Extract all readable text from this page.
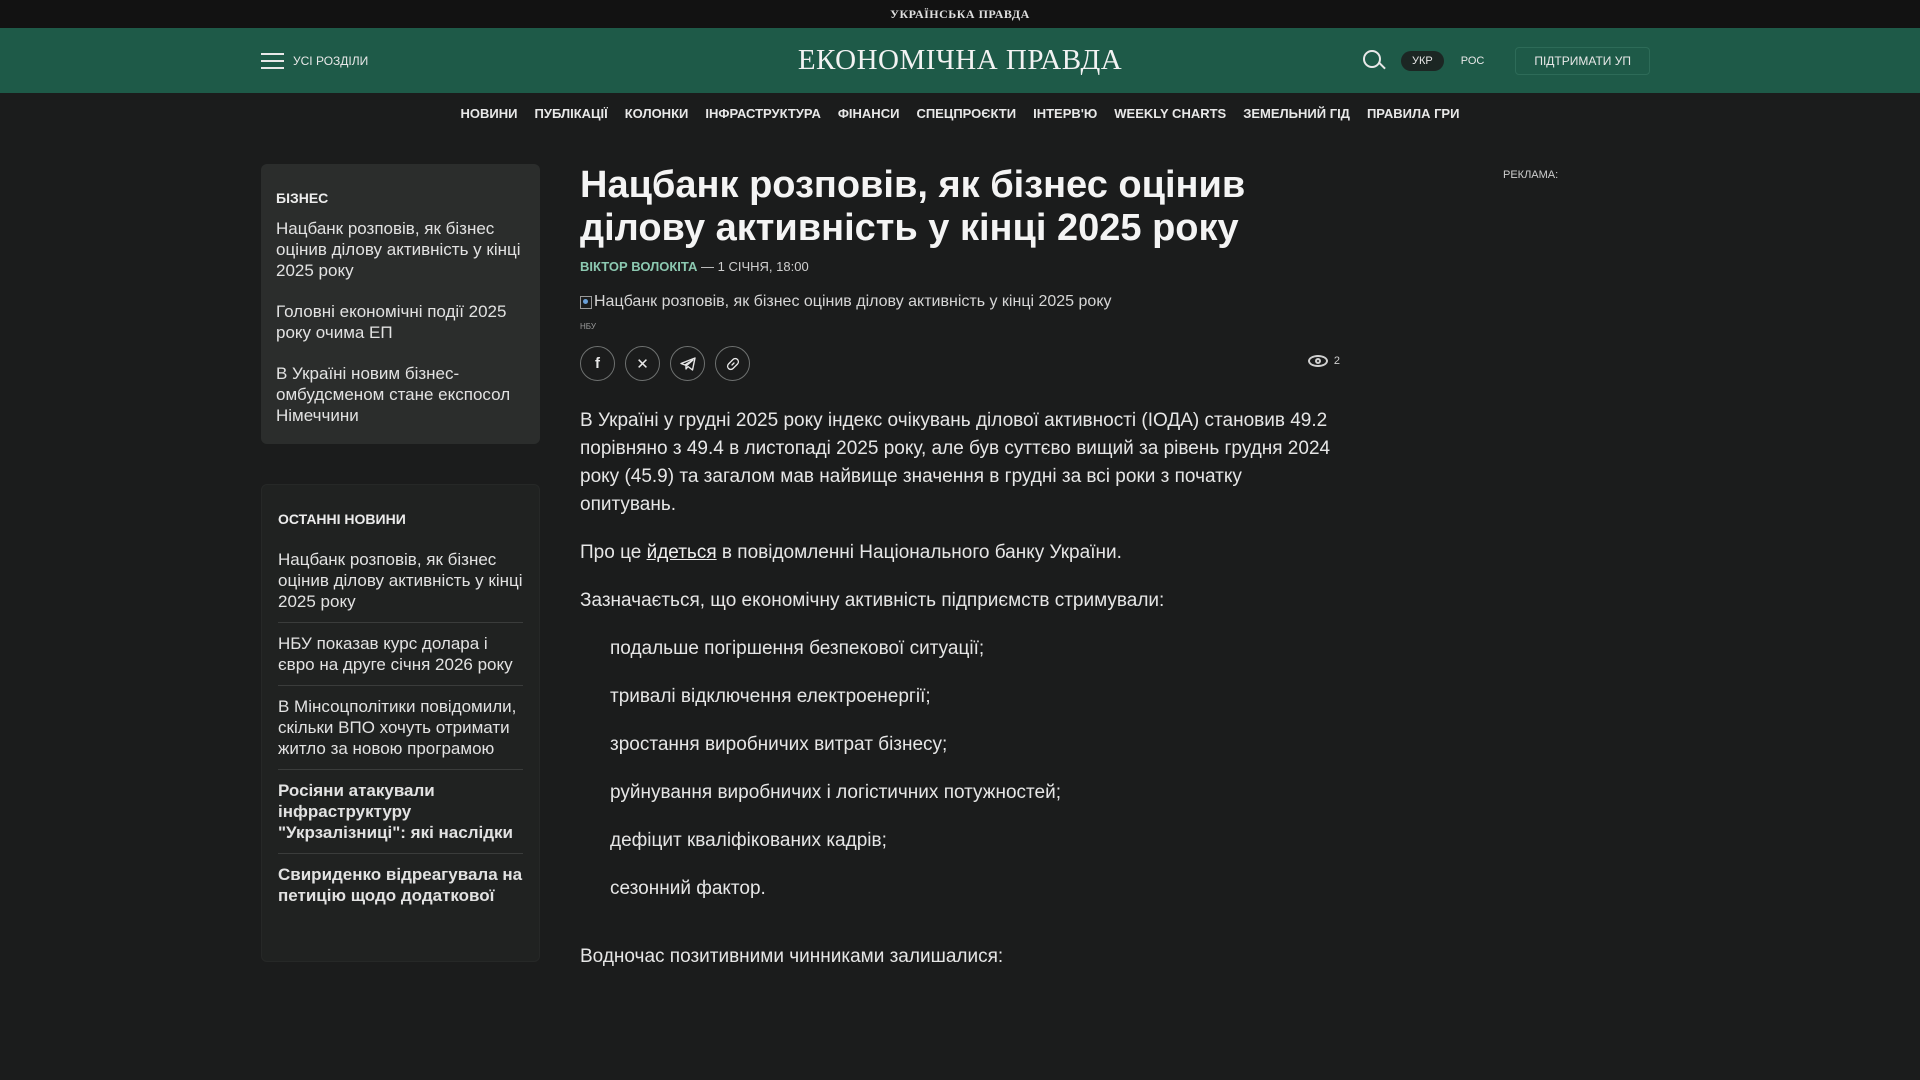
УКРАЇНСЬКА ПРАВДА
УСІ РОЗДІЛИ	ЕКОНОМІЧНА ПРАВДА	УКР	РОС	ПІДТРИМАТИ УП
НОВИНИ ПУБЛІКАЦІЇ КОЛОНКИ ІНФРАСТРУКТУРА ФІНАНСИ СПЕЦПРОЄКТИ ІНТЕРВ'Ю WEEKLY CHARTS ЗЕМЕЛЬНИЙ ГІД ПРАВИЛА ГРИ
БІЗНЕС
Нацбанк розповів, як бізнес оцінив ділову активність у кінці 2025 року
Головні економічні події 2025 року очима ЕП
В Україні новим бізнес-омбудсменом стане експосол Німеччини
ОСТАННІ НОВИНИ
Нацбанк розповів, як бізнес оцінив ділову активність у кінці 2025 року
НБУ показав курс долара і євро на друге січня 2026 року
В Мінсоцполітики повідомили, скільки ВПО хочуть отримати житло за новою програмою
Росіяни атакували інфраструктуру "Укрзалізниці": які наслідки
Свириденко відреагувала на петицію щодо додаткової
Нацбанк розповів, як бізнес оцінив ділову активність у кінці 2025 року
ВІКТОР ВОЛОКІТА — 1 СІЧНЯ, 18:00
Нацбанк розповів, як бізнес оцінив ділову активність у кінці 2025 року
НБУ
f	✕	2

В Україні у грудні 2025 року індекс очікувань ділової активності (ІОДА) становив 49.2 порівняно з 49.4 в листопаді 2025 року, але був суттєво вищий за рівень грудня 2024 року (45.9) та загалом мав найвище значення в грудні за всі роки з початку опитувань.

Про це йдеться в повідомленні Національного банку України.

Зазначається, що економічну активність підприємств стримували:

подальше погіршення безпекової ситуації;
тривалі відключення електроенергії;
зростання виробничих витрат бізнесу;
руйнування виробничих і логістичних потужностей;
дефіцит кваліфікованих кадрів;
сезонний фактор.

Водночас позитивними чинниками залишалися:

РЕКЛАМА:
